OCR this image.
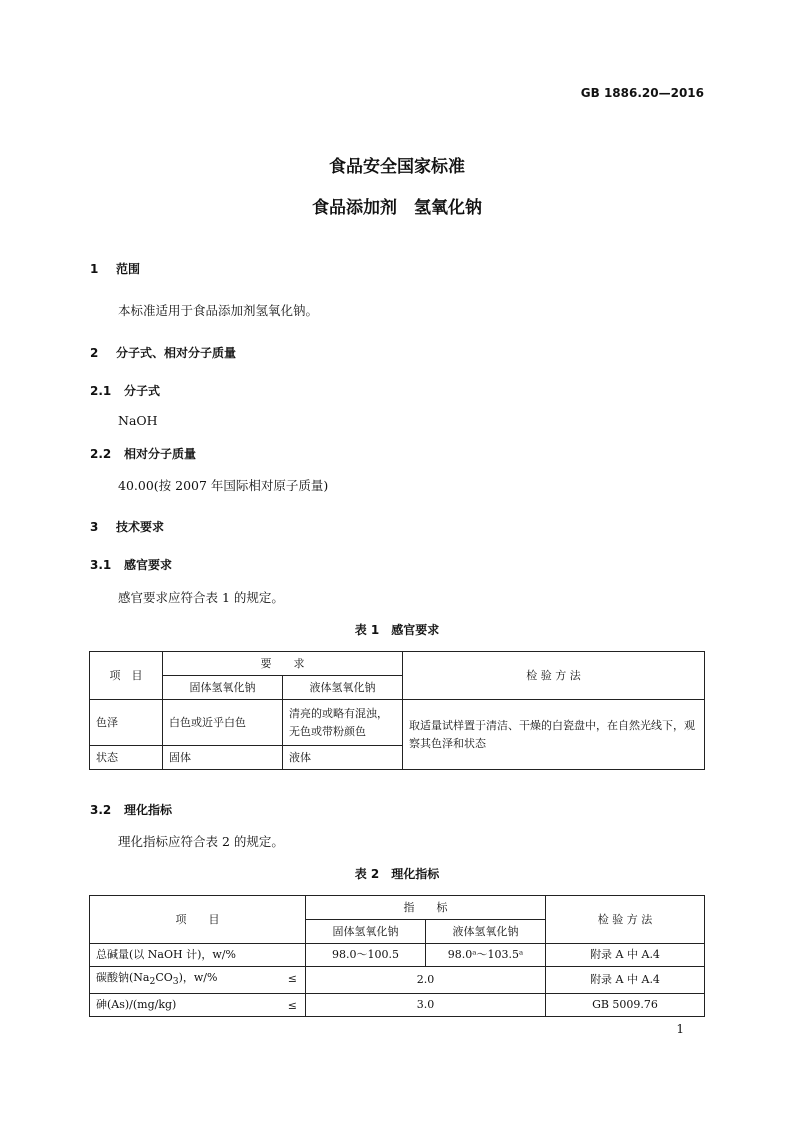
GB 1886.20—2016
食品安全国家标准
食品添加剂　氢氧化钠
1 范围
本标准适用于食品添加剂氢氧化钠。
2 分子式、相对分子质量
2.1 分子式
NaOH
2.2 相对分子质量
40.00(按 2007 年国际相对原子质量)
3 技术要求
3.1 感官要求
感官要求应符合表 1 的规定。
表 1　感官要求
项　目	要　　求		检 验 方 法
	固体氢氧化钠	液体氢氧化钠	
色泽	白色或近乎白色	清亮的或略有混浊，无色或带粉颜色	取适量试样置于清洁、干燥的白瓷盘中，在自然光线下，观察其色泽和状态
状态	固体	液体	
3.2 理化指标
理化指标应符合表 2 的规定。
表 2　理化指标
项　　目	指　　标		检 验 方 法
	固体氢氧化钠	液体氢氧化钠	
总碱量(以 NaOH 计)，w/%	98.0～100.5	98.0ᵃ～103.5ᵃ	附录 A 中 A.4
碳酸钠$(Na_2CO_3)$，w/% ≤	2.0		附录 A 中 A.4
砷(As)/(mg/kg) ≤	3.0		GB 5009.76
1
